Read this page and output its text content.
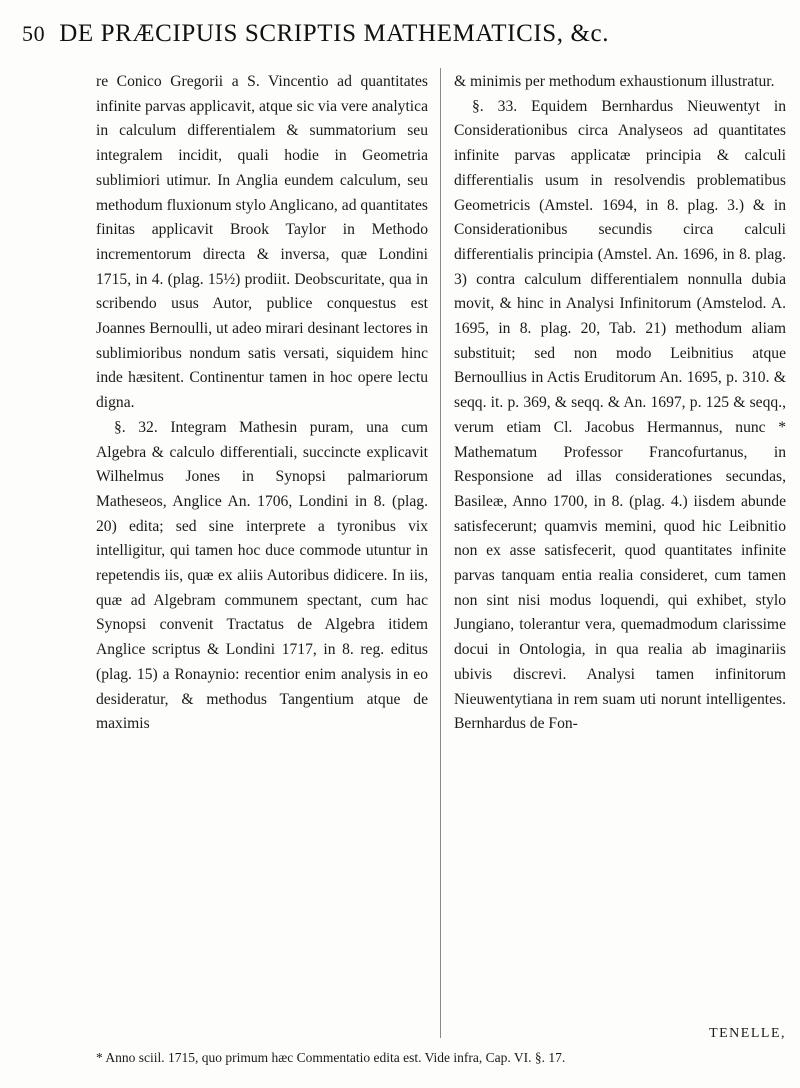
50 DE PRÆCIPUIS SCRIPTIS MATHEMATICIS, &c.

re Conico Gregorii a S. Vincentio ad quantitates infinite parvas applicavit, atque sic via vere analytica in calculum differentialem & summatorium seu integralem incidit, quali hodie in Geometria sublimiori utimur. In Anglia eundem calculum, seu methodum fluxionum stylo Anglicano, ad quantitates finitas applicavit Brook Taylor in Methodo incrementorum directa & inversa, quæ Londini 1715, in 4. (plag. 15½) prodiit. Deobscuritate, qua in scribendo usus Autor, publice conquestus est Joannes Bernoulli, ut adeo mirari desinant lectores in sublimioribus nondum satis versati, siquidem hinc inde hæsitent. Continentur tamen in hoc opere lectu digna.

§. 32. Integram Mathesin puram, una cum Algebra & calculo differentiali, succincte explicavit Wilhelmus Jones in Synopsi palmariorum Matheseos, Anglice An. 1706, Londini in 8. (plag. 20) edita; sed sine interprete a tyronibus vix intelligitur, qui tamen hoc duce commode utuntur in repetendis iis, quæ ex aliis Autoribus didicere. In iis, quæ ad Algebram communem spectant, cum hac Synopsi convenit Tractatus de Algebra itidem Anglice scriptus & Londini 1717, in 8. reg. editus (plag. 15) a Ronaynio: recentior enim analysis in eo desideratur, & methodus Tangentium atque de maximis

& minimis per methodum exhaustionum illustratur.

§. 33. Equidem Bernhardus Nieuwentyt in Considerationibus circa Analyseos ad quantitates infinite parvas applicatæ principia & calculi differentialis usum in resolvendis problematibus Geometricis (Amstel. 1694, in 8. plag. 3.) & in Considerationibus secundis circa calculi differentialis principia (Amstel. An. 1696, in 8. plag. 3) contra calculum differentialem nonnulla dubia movit, & hinc in Analysi Infinitorum (Amstelod. A. 1695, in 8. plag. 20, Tab. 21) methodum aliam substituit; sed non modo Leibnitius atque Bernoullius in Actis Eruditorum An. 1695, p. 310. & seqq. it. p. 369, & seqq. & An. 1697, p. 125 & seqq., verum etiam Cl. Jacobus Hermannus, nunc * Mathematum Professor Francofurtanus, in Responsione ad illas considerationes secundas, Basileæ, Anno 1700, in 8. (plag. 4.) iisdem abunde satisfecerunt; quamvis memini, quod hic Leibnitio non ex asse satisfecerit, quod quantitates infinite parvas tanquam entia realia consideret, cum tamen non sint nisi modus loquendi, qui exhibet, stylo Jungiano, tolerantur vera, quemadmodum clarissime docui in Ontologia, in qua realia ab imaginariis ubivis discrevi. Analysi tamen infinitorum Nieuwentytiana in rem suam uti norunt intelligentes. Bernhardus de Fon-

TENELLE,
* Anno sciil. 1715, quo primum hæc Commentatio edita est. Vide infra, Cap. VI. §. 17.
